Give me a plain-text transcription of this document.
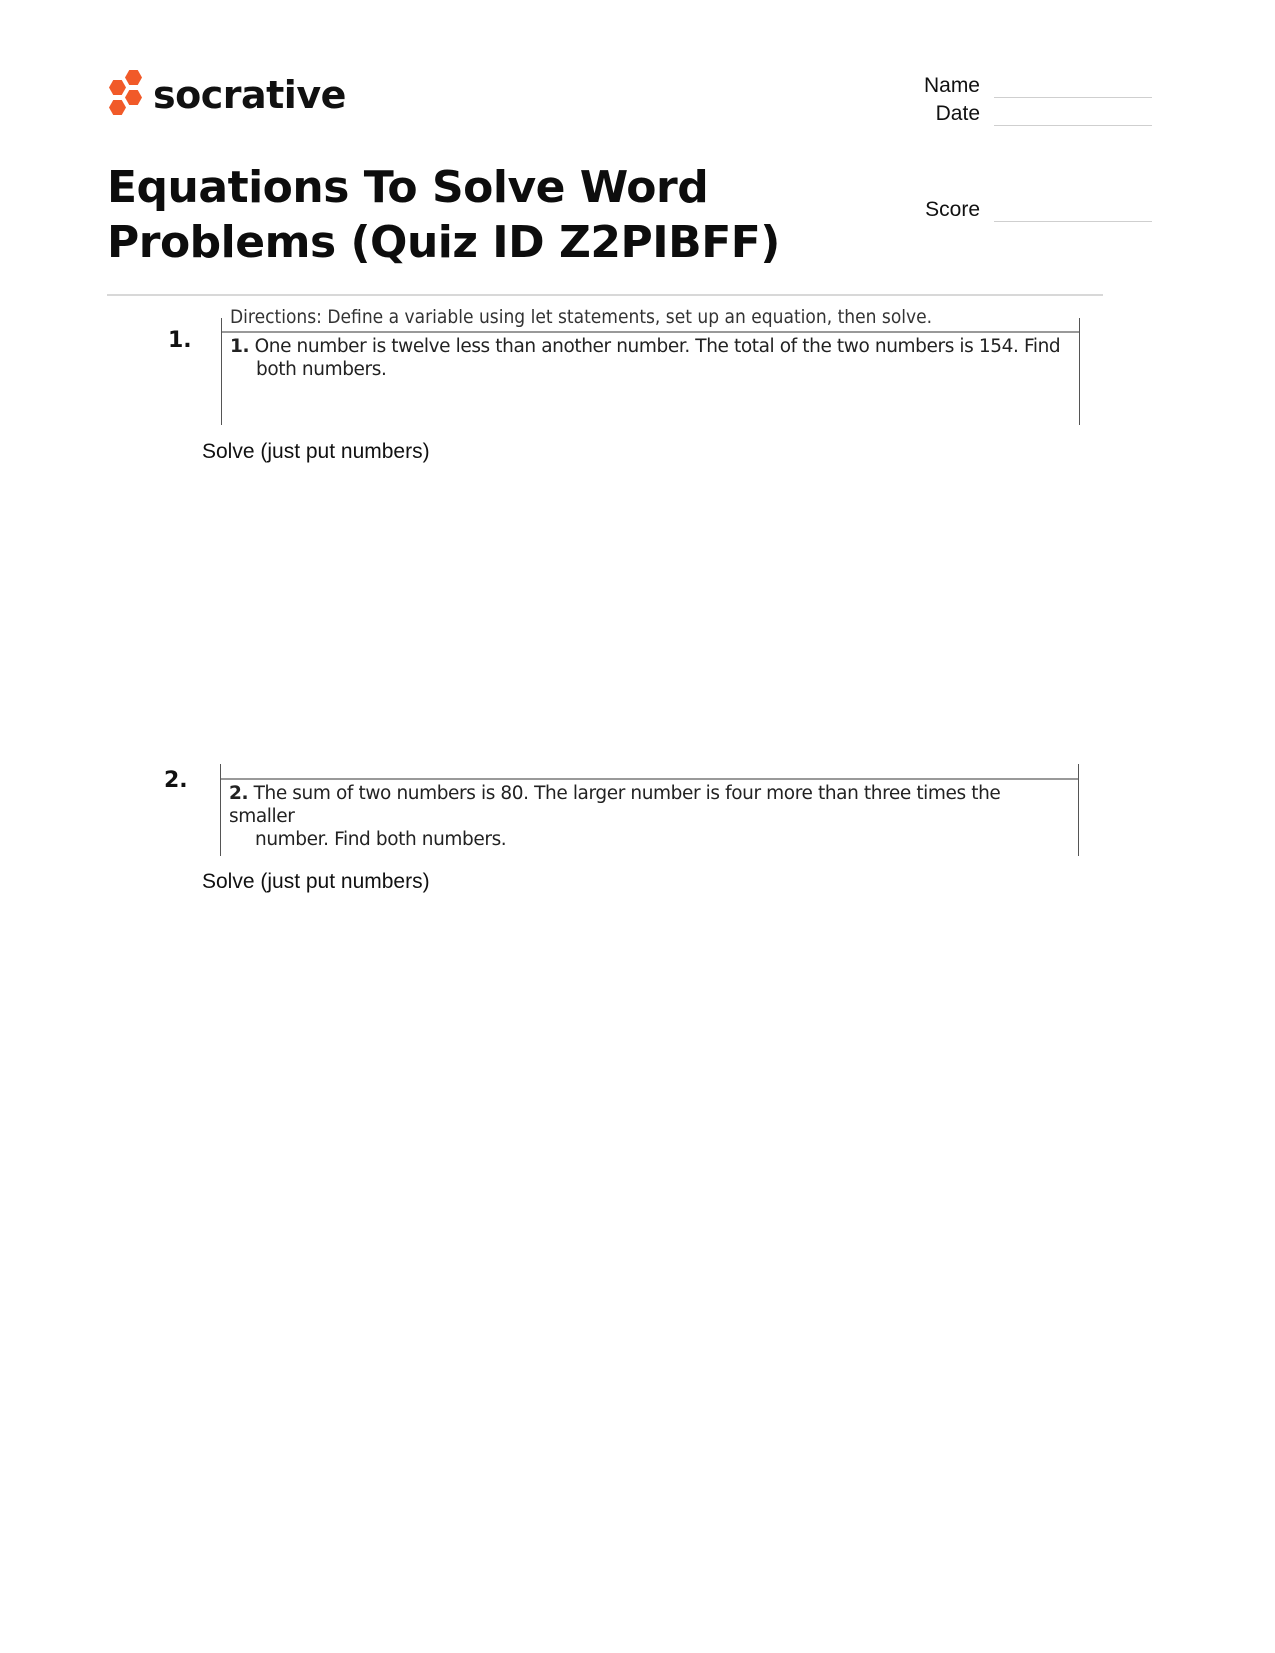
socrative	Name
Date
Score
Equations To Solve Word Problems (Quiz ID Z2PIBFF)
1.
Directions: Define a variable using let statements, set up an equation, then solve.
1. One number is twelve less than another number. The total of the two numbers is 154. Find
both numbers.
Solve (just put numbers)
2.
2. The sum of two numbers is 80. The larger number is four more than three times the smaller
number. Find both numbers.
Solve (just put numbers)
